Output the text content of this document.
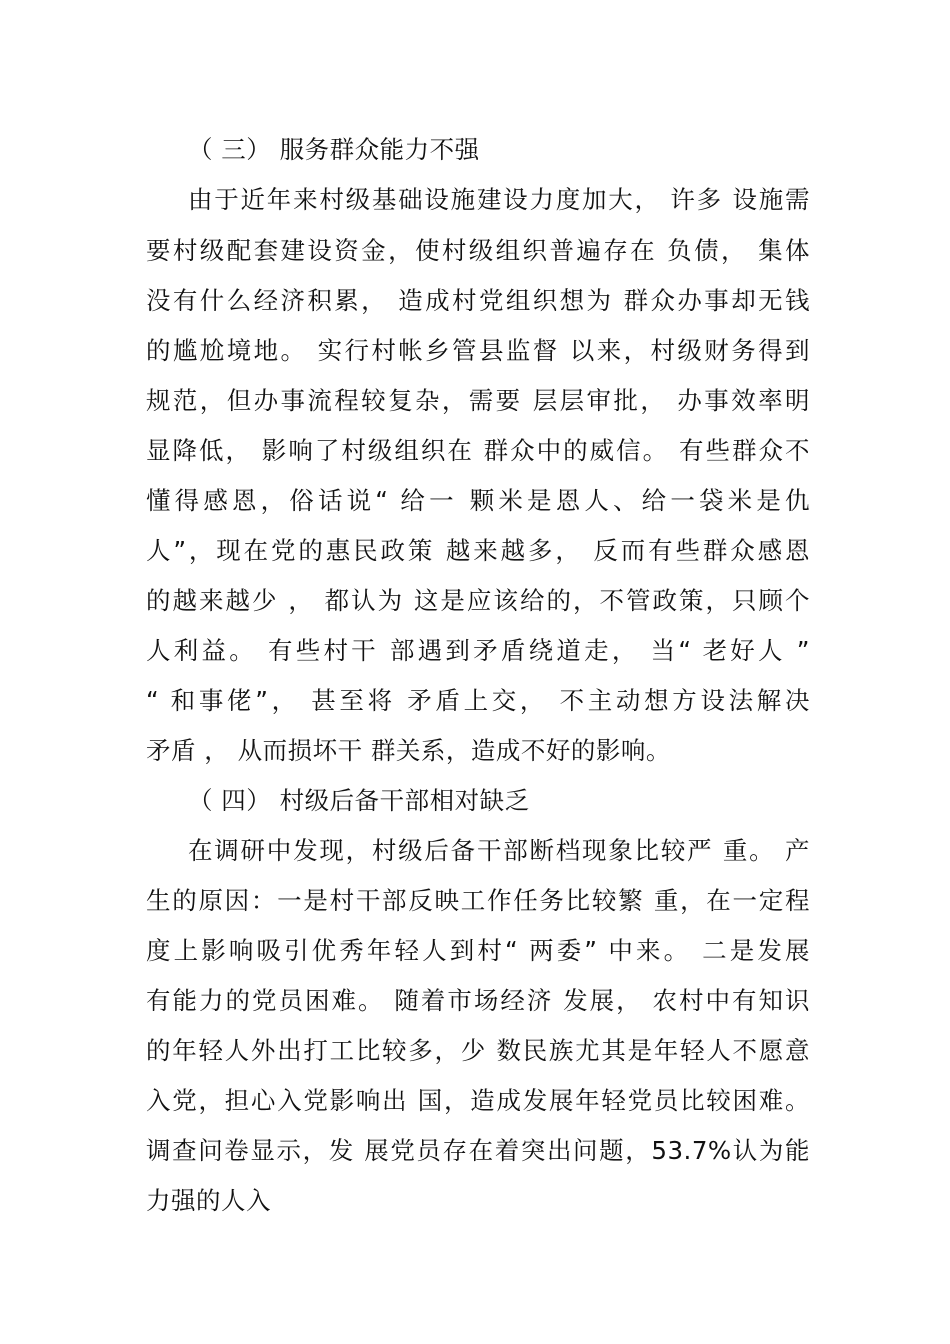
（ 三） 服务群众能力不强
由于近年来村级基础设施建设力度加大， 许多 设施需
要村级配套建设资金，使村级组织普遍存在 负债， 集体
没有什么经济积累， 造成村党组织想为 群众办事却无钱
的尴尬境地。 实行村帐乡管县监督 以来，村级财务得到
规范，但办事流程较复杂，需要 层层审批， 办事效率明
显降低， 影响了村级组织在 群众中的威信。 有些群众不
懂得感恩，俗话说“ 给一 颗米是恩人、给一袋米是仇
人”，现在党的惠民政策 越来越多， 反而有些群众感恩
的越来越少 ， 都认为 这是应该给的，不管政策，只顾个
人利益。 有些村干 部遇到矛盾绕道走， 当“ 老好人 ”
“ 和事佬”， 甚至将 矛盾上交， 不主动想方设法解决
矛盾 ， 从而损坏干 群关系，造成不好的影响。
（ 四） 村级后备干部相对缺乏
在调研中发现，村级后备干部断档现象比较严 重。 产
生的原因：一是村干部反映工作任务比较繁 重，在一定程
度上影响吸引优秀年轻人到村“ 两委” 中来。 二是发展
有能力的党员困难。 随着市场经济 发展， 农村中有知识
的年轻人外出打工比较多，少 数民族尤其是年轻人不愿意
入党，担心入党影响出 国，造成发展年轻党员比较困难。
调查问卷显示，发 展党员存在着突出问题，53.7%认为能
力强的人入
